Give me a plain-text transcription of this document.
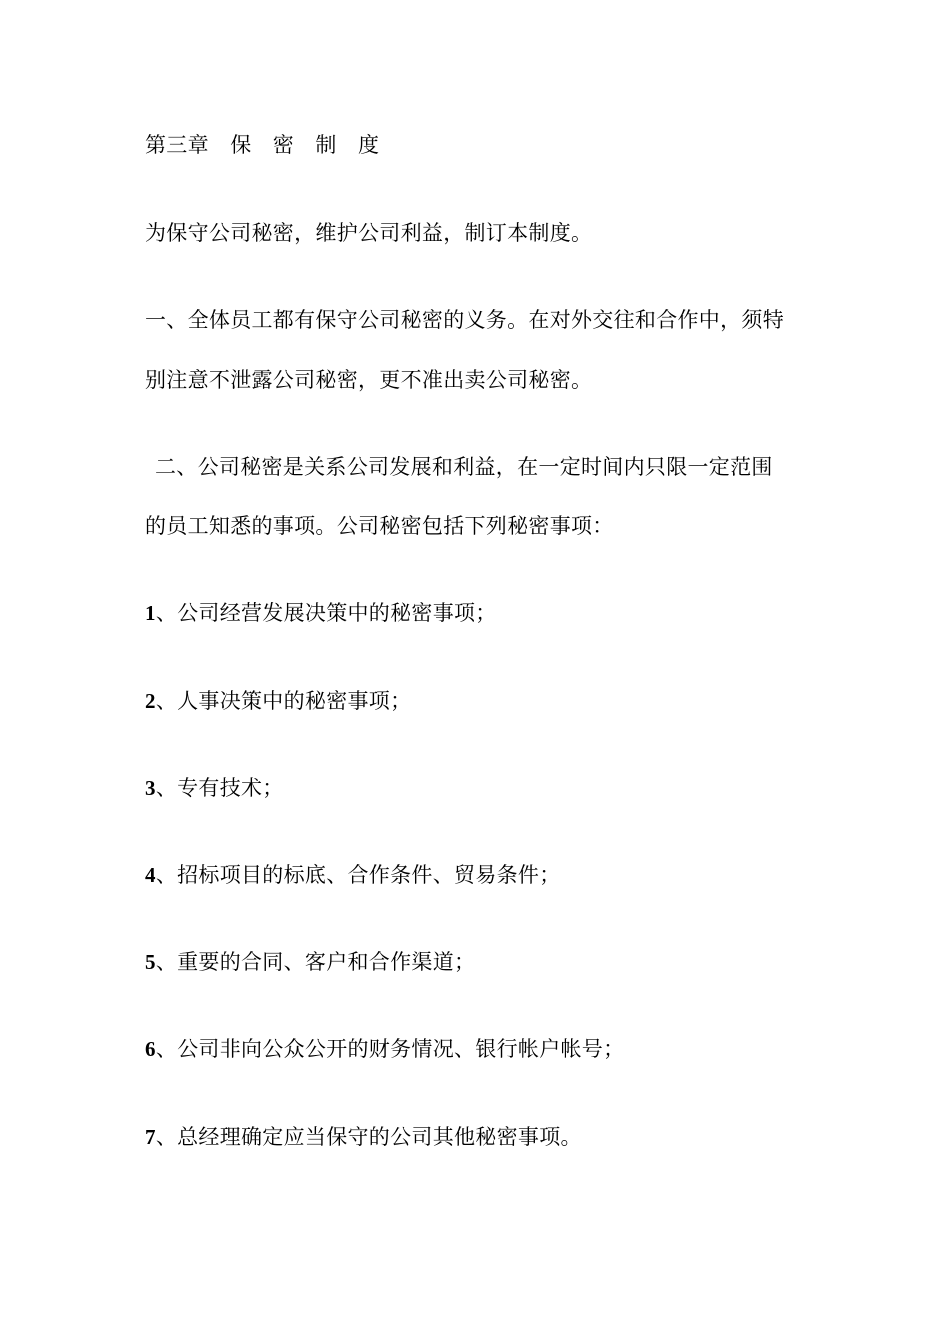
第三章　保　密　制　度
为保守公司秘密，维护公司利益，制订本制度。
一、全体员工都有保守公司秘密的义务。在对外交往和合作中，须特
别注意不泄露公司秘密，更不准出卖公司秘密。
二、公司秘密是关系公司发展和利益，在一定时间内只限一定范围
的员工知悉的事项。公司秘密包括下列秘密事项：
1、公司经营发展决策中的秘密事项；
2、人事决策中的秘密事项；
3、专有技术；
4、招标项目的标底、合作条件、贸易条件；
5、重要的合同、客户和合作渠道；
6、公司非向公众公开的财务情况、银行帐户帐号；
7、总经理确定应当保守的公司其他秘密事项。
